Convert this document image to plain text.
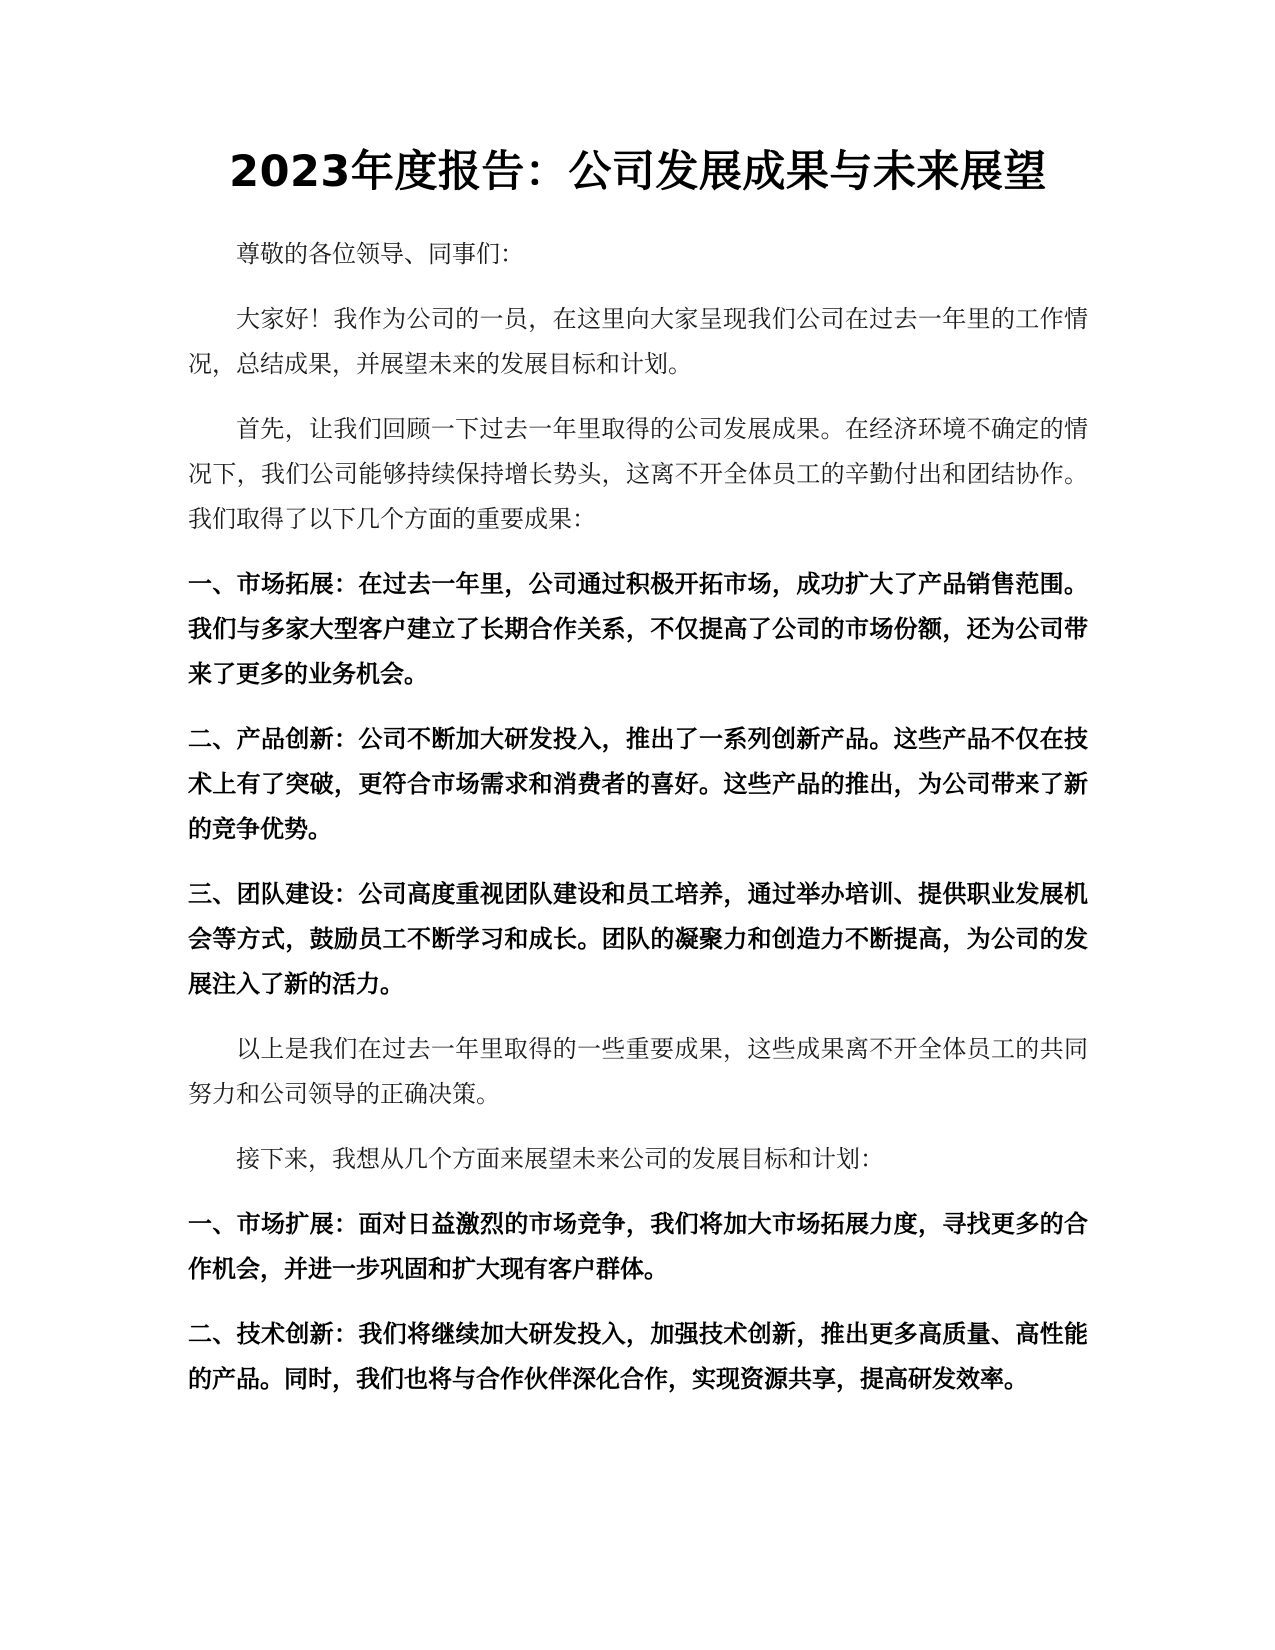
2023年度报告：公司发展成果与未来展望

尊敬的各位领导、同事们：

大家好！我作为公司的一员，在这里向大家呈现我们公司在过去一年里的工作情况，总结成果，并展望未来的发展目标和计划。

首先，让我们回顾一下过去一年里取得的公司发展成果。在经济环境不确定的情况下，我们公司能够持续保持增长势头，这离不开全体员工的辛勤付出和团结协作。我们取得了以下几个方面的重要成果：

一、市场拓展：在过去一年里，公司通过积极开拓市场，成功扩大了产品销售范围。我们与多家大型客户建立了长期合作关系，不仅提高了公司的市场份额，还为公司带来了更多的业务机会。

二、产品创新：公司不断加大研发投入，推出了一系列创新产品。这些产品不仅在技术上有了突破，更符合市场需求和消费者的喜好。这些产品的推出，为公司带来了新的竞争优势。

三、团队建设：公司高度重视团队建设和员工培养，通过举办培训、提供职业发展机会等方式，鼓励员工不断学习和成长。团队的凝聚力和创造力不断提高，为公司的发展注入了新的活力。

以上是我们在过去一年里取得的一些重要成果，这些成果离不开全体员工的共同努力和公司领导的正确决策。

接下来，我想从几个方面来展望未来公司的发展目标和计划：

一、市场扩展：面对日益激烈的市场竞争，我们将加大市场拓展力度，寻找更多的合作机会，并进一步巩固和扩大现有客户群体。

二、技术创新：我们将继续加大研发投入，加强技术创新，推出更多高质量、高性能的产品。同时，我们也将与合作伙伴深化合作，实现资源共享，提高研发效率。
